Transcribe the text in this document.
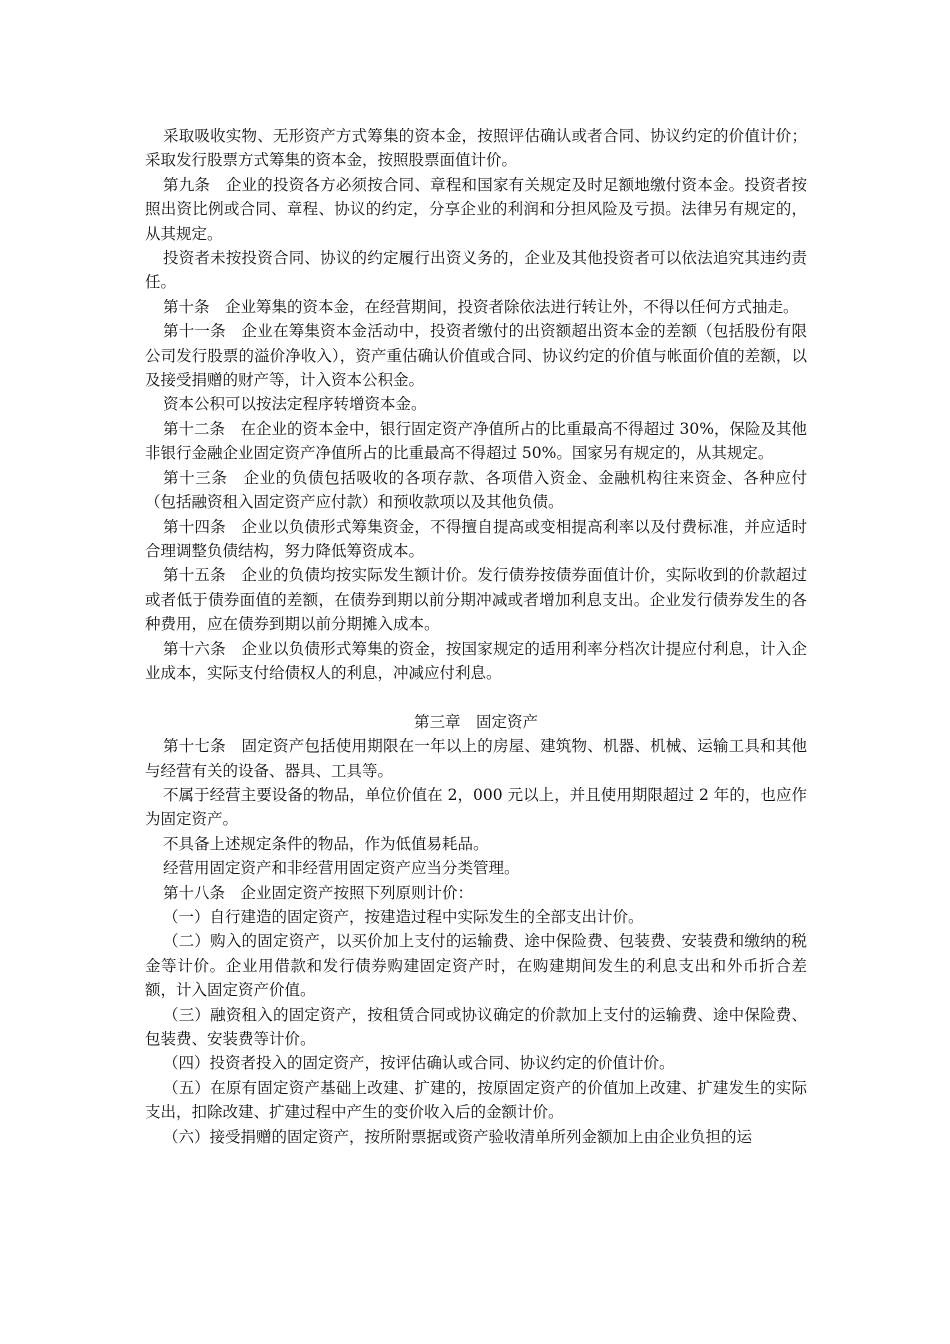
采取吸收实物、无形资产方式筹集的资本金，按照评估确认或者合同、协议约定的价值计价；采取发行股票方式筹集的资本金，按照股票面值计价。

第九条　企业的投资各方必须按合同、章程和国家有关规定及时足额地缴付资本金。投资者按照出资比例或合同、章程、协议的约定，分享企业的利润和分担风险及亏损。法律另有规定的，从其规定。

投资者未按投资合同、协议的约定履行出资义务的，企业及其他投资者可以依法追究其违约责任。

第十条　企业筹集的资本金，在经营期间，投资者除依法进行转让外，不得以任何方式抽走。

第十一条　企业在筹集资本金活动中，投资者缴付的出资额超出资本金的差额（包括股份有限公司发行股票的溢价净收入），资产重估确认价值或合同、协议约定的价值与帐面价值的差额，以及接受捐赠的财产等，计入资本公积金。

资本公积可以按法定程序转增资本金。

第十二条　在企业的资本金中，银行固定资产净值所占的比重最高不得超过 30%，保险及其他非银行金融企业固定资产净值所占的比重最高不得超过 50%。国家另有规定的，从其规定。

第十三条　企业的负债包括吸收的各项存款、各项借入资金、金融机构往来资金、各种应付（包括融资租入固定资产应付款）和预收款项以及其他负债。

第十四条　企业以负债形式筹集资金，不得擅自提高或变相提高利率以及付费标准，并应适时合理调整负债结构，努力降低筹资成本。

第十五条　企业的负债均按实际发生额计价。发行债券按债券面值计价，实际收到的价款超过或者低于债券面值的差额，在债券到期以前分期冲减或者增加利息支出。企业发行债券发生的各种费用，应在债券到期以前分期摊入成本。

第十六条　企业以负债形式筹集的资金，按国家规定的适用利率分档次计提应付利息，计入企业成本，实际支付给债权人的利息，冲减应付利息。

第三章　固定资产

第十七条　固定资产包括使用期限在一年以上的房屋、建筑物、机器、机械、运输工具和其他与经营有关的设备、器具、工具等。

不属于经营主要设备的物品，单位价值在 2，000 元以上，并且使用期限超过 2 年的，也应作为固定资产。

不具备上述规定条件的物品，作为低值易耗品。

经营用固定资产和非经营用固定资产应当分类管理。

第十八条　企业固定资产按照下列原则计价：

（一）自行建造的固定资产，按建造过程中实际发生的全部支出计价。

（二）购入的固定资产，以买价加上支付的运输费、途中保险费、包装费、安装费和缴纳的税金等计价。企业用借款和发行债券购建固定资产时，在购建期间发生的利息支出和外币折合差额，计入固定资产价值。

（三）融资租入的固定资产，按租赁合同或协议确定的价款加上支付的运输费、途中保险费、包装费、安装费等计价。

（四）投资者投入的固定资产，按评估确认或合同、协议约定的价值计价。

（五）在原有固定资产基础上改建、扩建的，按原固定资产的价值加上改建、扩建发生的实际支出，扣除改建、扩建过程中产生的变价收入后的金额计价。

（六）接受捐赠的固定资产，按所附票据或资产验收清单所列金额加上由企业负担的运
